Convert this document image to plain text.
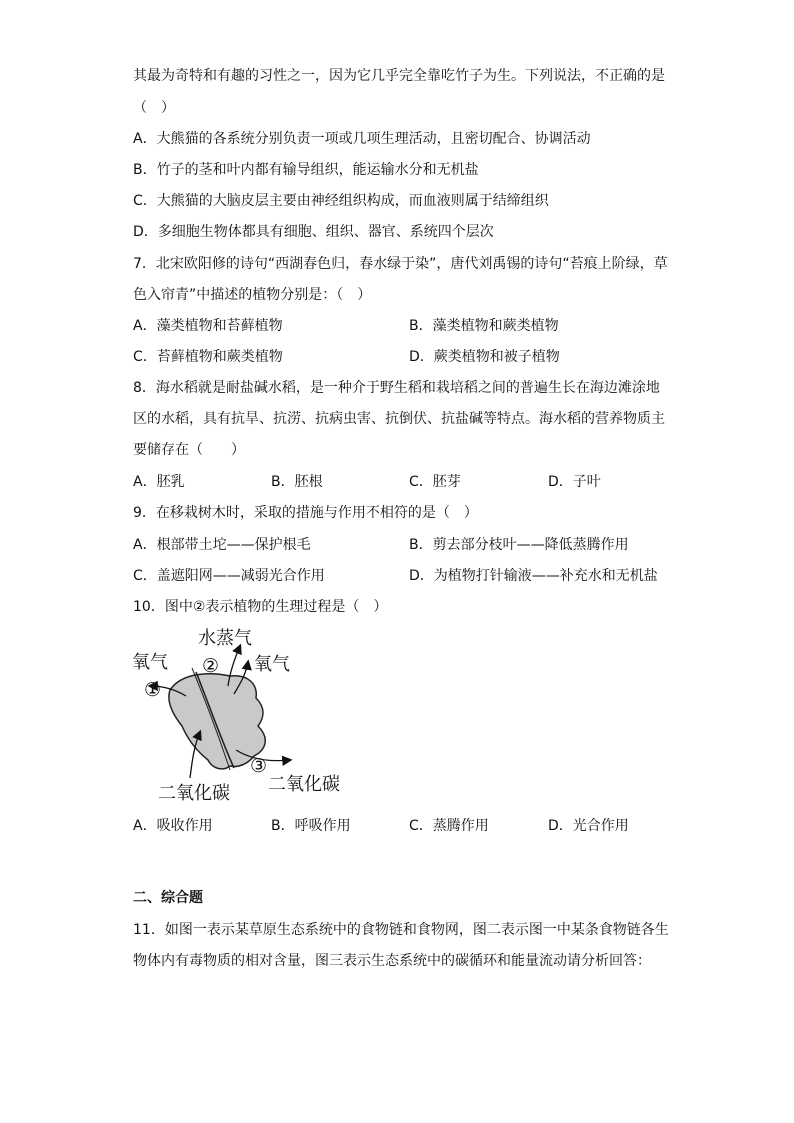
其最为奇特和有趣的习性之一，因为它几乎完全靠吃竹子为生。下列说法，不正确的是
（　）
A．大熊猫的各系统分别负责一项或几项生理活动，且密切配合、协调活动
B．竹子的茎和叶内都有输导组织，能运输水分和无机盐
C．大熊猫的大脑皮层主要由神经组织构成，而血液则属于结缔组织
D．多细胞生物体都具有细胞、组织、器官、系统四个层次
7．北宋欧阳修的诗句“西湖春色归，春水绿于染”，唐代刘禹锡的诗句“苔痕上阶绿，草
色入帘青”中描述的植物分别是：（　）
A．藻类植物和苔藓植物	B．藻类植物和蕨类植物
C．苔藓植物和蕨类植物	D．蕨类植物和被子植物
8．海水稻就是耐盐碱水稻，是一种介于野生稻和栽培稻之间的普遍生长在海边滩涂地
区的水稻，具有抗旱、抗涝、抗病虫害、抗倒伏、抗盐碱等特点。海水稻的营养物质主
要储存在（　　）
A．胚乳	B．胚根	C．胚芽	D．子叶
9．在移栽树木时，采取的措施与作用不相符的是（　）
A．根部带土坨——保护根毛	B．剪去部分枝叶——降低蒸腾作用
C．盖遮阳网——减弱光合作用	D．为植物打针输液——补充水和无机盐
10．图中②表示植物的生理过程是（　）
水蒸气
氧气	氧气
②
①
③
二氧化碳 二氧化碳
A．吸收作用	B．呼吸作用	C．蒸腾作用	D．光合作用
二、综合题
11．如图一表示某草原生态系统中的食物链和食物网，图二表示图一中某条食物链各生
物体内有毒物质的相对含量，图三表示生态系统中的碳循环和能量流动请分析回答：
